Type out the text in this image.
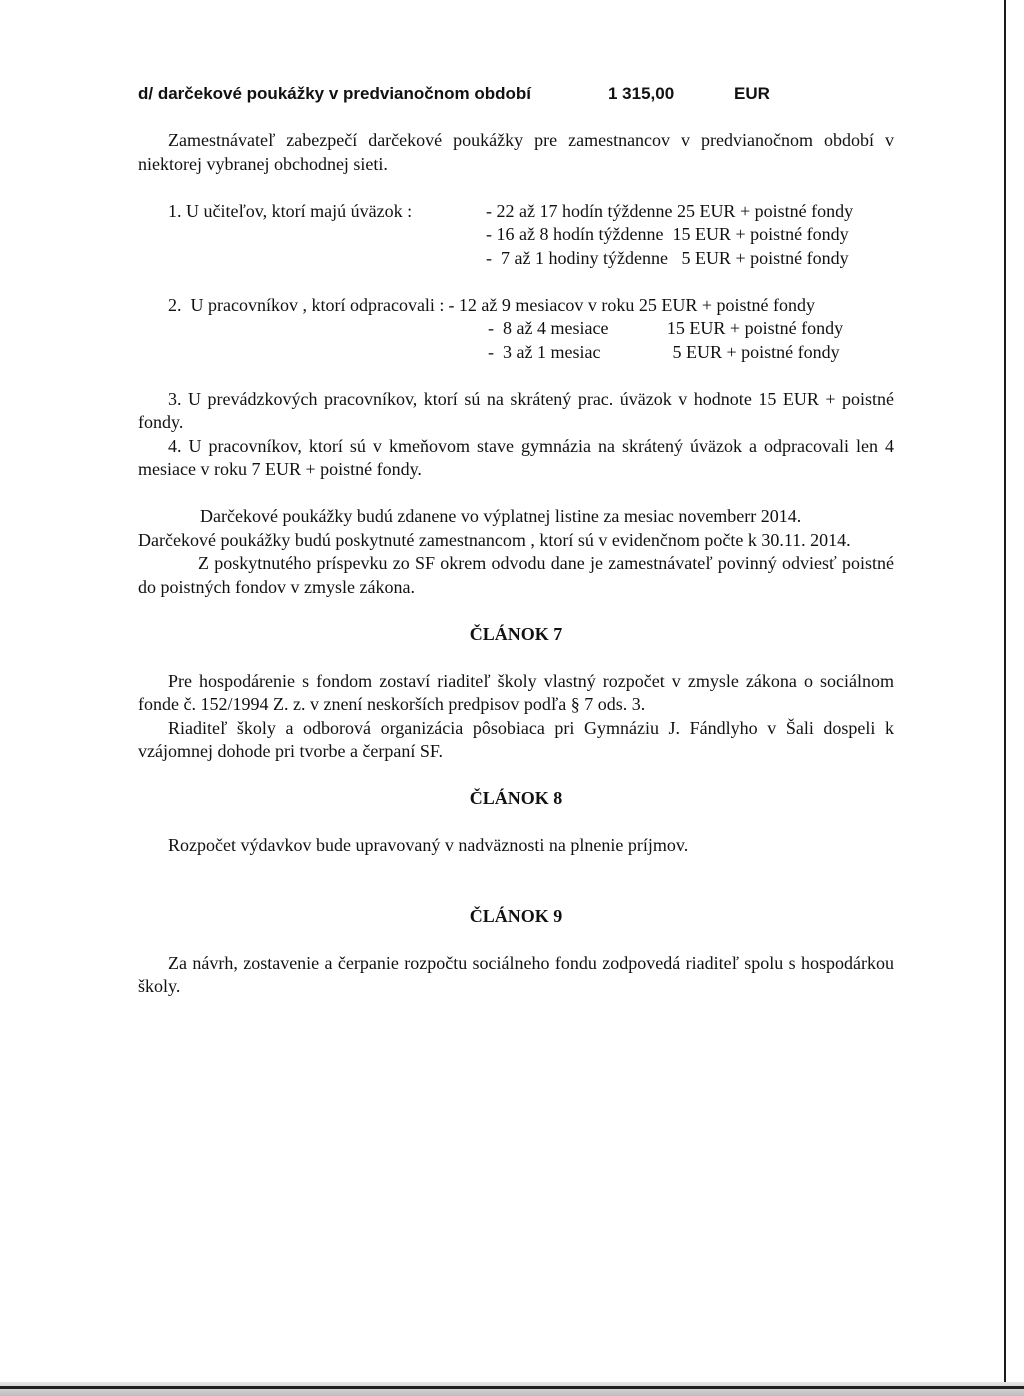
d/ darčekové poukážky v predvianočnom období	1 315,00	EUR

Zamestnávateľ zabezpečí darčekové poukážky pre zamestnancov v predvianočnom období v niektorej vybranej obchodnej sieti.

1. U učiteľov, ktorí majú úväzok :	- 22 až 17 hodín týždenne 25 EUR + poistné fondy
- 16 až 8 hodín týždenne  15 EUR + poistné fondy
-  7 až 1 hodiny týždenne   5 EUR + poistné fondy
2.  U pracovníkov , ktorí odpracovali : - 12 až 9 mesiacov v roku 25 EUR + poistné fondy
-  8 až 4 mesiace             15 EUR + poistné fondy
-  3 až 1 mesiac                5 EUR + poistné fondy

3. U prevádzkových pracovníkov, ktorí sú na skrátený prac. úväzok v hodnote 15 EUR + poistné fondy.

4. U pracovníkov, ktorí sú v kmeňovom stave gymnázia na skrátený úväzok a odpracovali len 4 mesiace v roku 7 EUR + poistné fondy.

Darčekové poukážky budú zdanene vo výplatnej listine za mesiac novemberr 2014.

Darčekové poukážky budú poskytnuté zamestnancom , ktorí sú v evidenčnom počte k 30.11. 2014.

Z poskytnutého príspevku zo SF okrem odvodu dane je zamestnávateľ povinný odviesť poistné do poistných fondov v zmysle zákona.

ČLÁNOK 7

Pre hospodárenie s fondom zostaví riaditeľ školy vlastný rozpočet v zmysle zákona o sociálnom fonde č. 152/1994 Z. z. v znení neskorších predpisov podľa § 7 ods. 3.

Riaditeľ školy a odborová organizácia pôsobiaca pri Gymnáziu J. Fándlyho v Šali dospeli k vzájomnej dohode pri tvorbe a čerpaní SF.

ČLÁNOK 8

Rozpočet výdavkov bude upravovaný v nadväznosti na plnenie príjmov.

ČLÁNOK 9

Za návrh, zostavenie a čerpanie rozpočtu sociálneho fondu zodpovedá riaditeľ spolu s hospodárkou školy.
